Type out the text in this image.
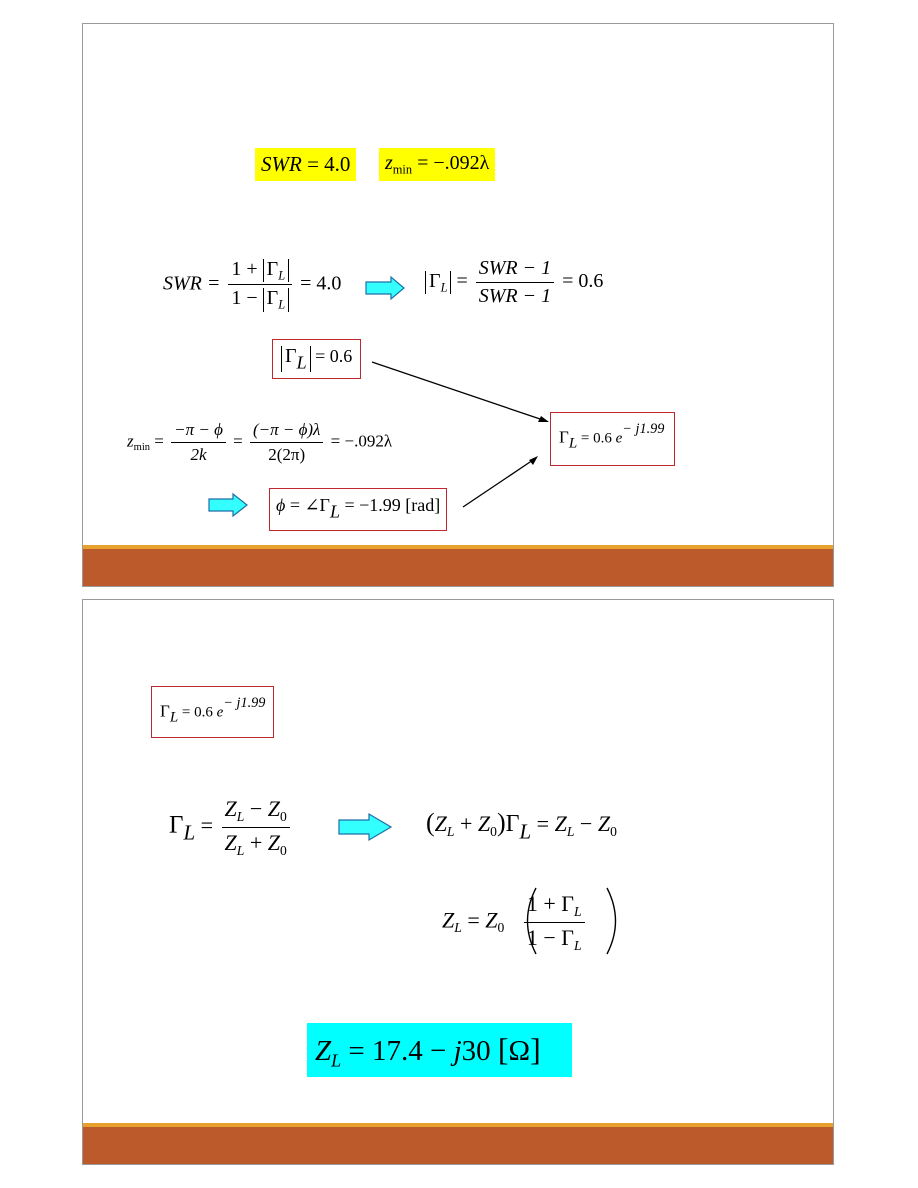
SWR = 4.0	$z_{min} = -.092\lambda$
SWR = $\frac{1 + \Gamma_L}{1 - \Gamma_L} = 4.0$	$\Gamma_L = \frac{\text{SWR − 1}}{\text{SWR − 1}} = 0.6$
ΓL = 0.6
$z_{min} = \frac{-\pi - \phi}{2k} = \frac{(-\pi - \phi)\lambda}{2(2\pi)} = -.092\lambda$	ΓL = 0.6 e− j1.99
ϕ = ∠ΓL = −1.99 [rad]
ΓL = 0.6 e− j1.99
$\Gamma L = \frac{Z_L - Z_0}{Z_L + Z_0}$	$(Z_L + Z_0)\Gamma L = Z_L - Z_0$
$Z_L = Z_0 \frac{1 + \Gamma_L}{1 - \Gamma_L}$
$Z_L = 17.4 - j30$ [Ω]
